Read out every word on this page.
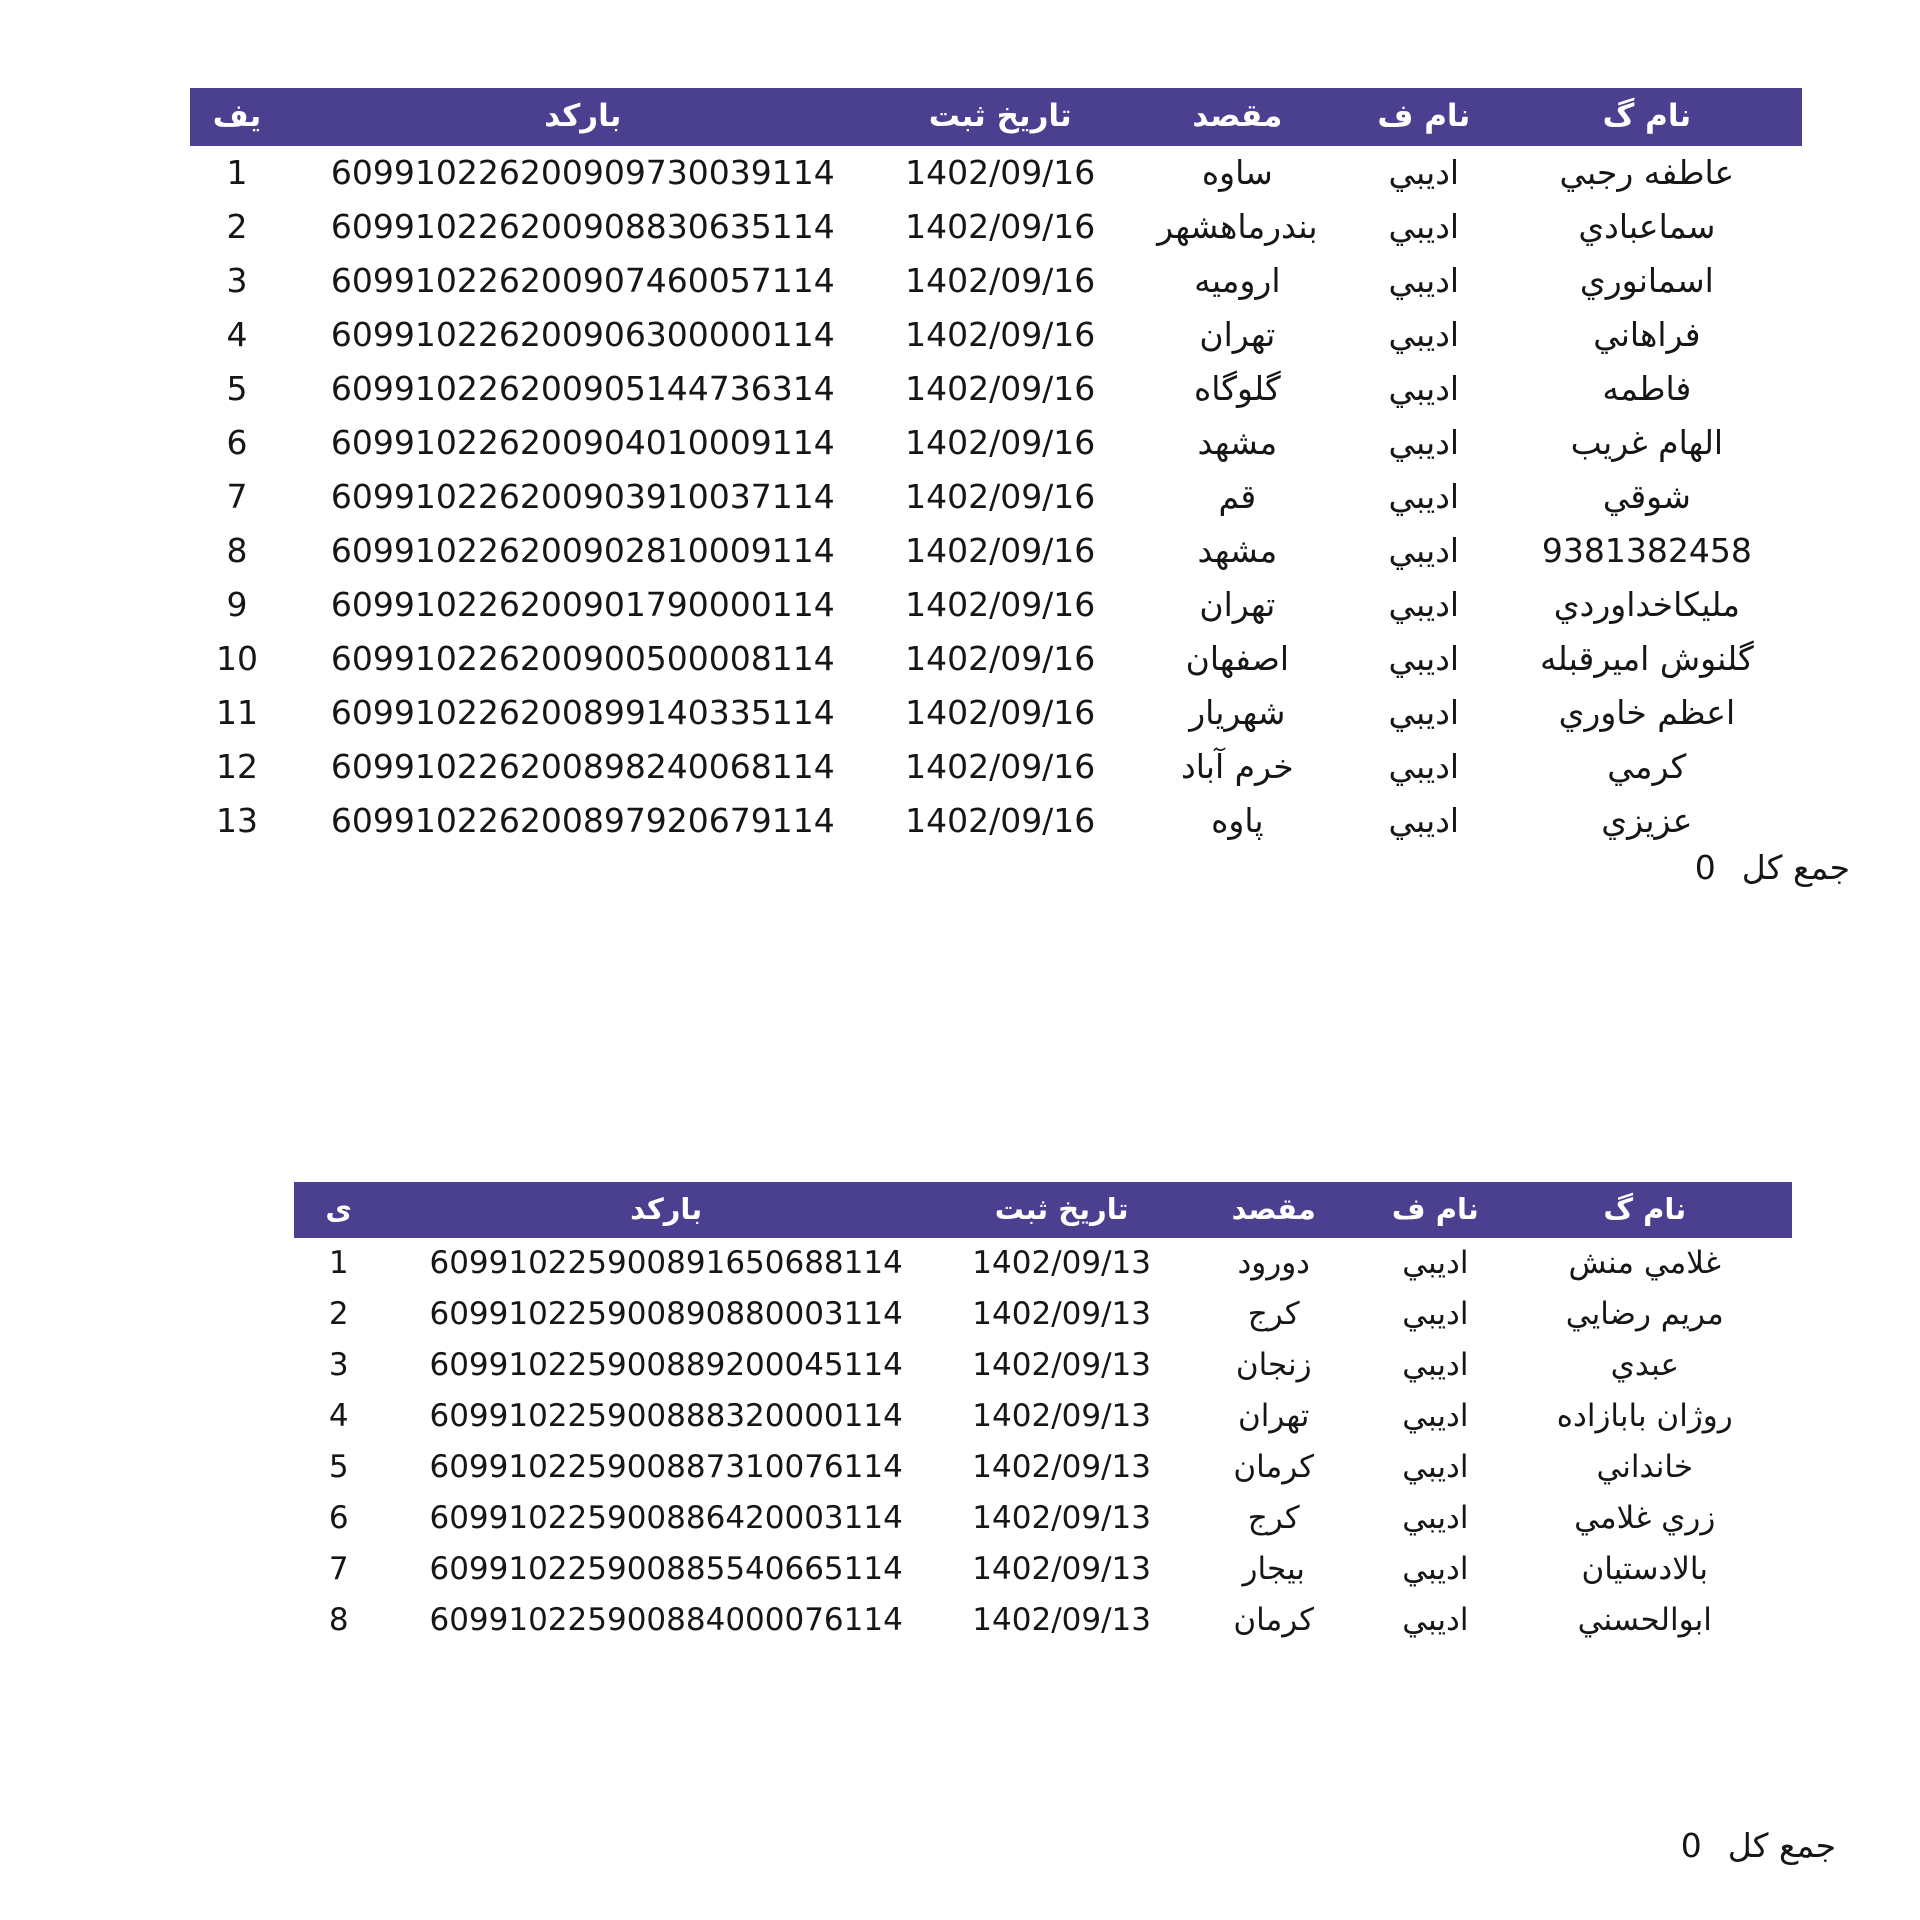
نام گ	نام ف	مقصد	تاریخ ثبت	بارکد	یف
عاطفه رجبي	ادیبي	ساوه	1402/09/16	609910226200909730039114	1
سماعبادي	ادیبي	بندرماهشهر	1402/09/16	609910226200908830635114	2
اسمانوري	ادیبي	اروميه	1402/09/16	609910226200907460057114	3
فراهاني	ادیبي	تهران	1402/09/16	609910226200906300000114	4
فاطمه	ادیبي	گلوگاه	1402/09/16	609910226200905144736314	5
الهام غريب	ادیبي	مشهد	1402/09/16	609910226200904010009114	6
شوقي	ادیبي	قم	1402/09/16	609910226200903910037114	7
9381382458	ادیبي	مشهد	1402/09/16	609910226200902810009114	8
مليكاخداوردي	ادیبي	تهران	1402/09/16	609910226200901790000114	9
گلنوش اميرقبله	ادیبي	اصفهان	1402/09/16	609910226200900500008114	10
اعظم خاوري	ادیبي	شهریار	1402/09/16	609910226200899140335114	11
كرمي	ادیبي	خرم آباد	1402/09/16	609910226200898240068114	12
عزيزي	ادیبي	پاوه	1402/09/16	609910226200897920679114	13
جمع کل
0
نام گ	نام ف	مقصد	تاریخ ثبت	بارکد	ی
غلامي منش	ادیبي	دورود	1402/09/13	609910225900891650688114	1
مریم رضایي	ادیبي	کرج	1402/09/13	609910225900890880003114	2
عبدي	ادیبي	زنجان	1402/09/13	609910225900889200045114	3
روژان بابازاده	ادیبي	تهران	1402/09/13	609910225900888320000114	4
خانداني	ادیبي	کرمان	1402/09/13	609910225900887310076114	5
زري غلامي	ادیبي	کرج	1402/09/13	609910225900886420003114	6
بالادستیان	ادیبي	بیجار	1402/09/13	609910225900885540665114	7
ابوالحسني	ادیبي	کرمان	1402/09/13	609910225900884000076114	8
جمع کل
0
